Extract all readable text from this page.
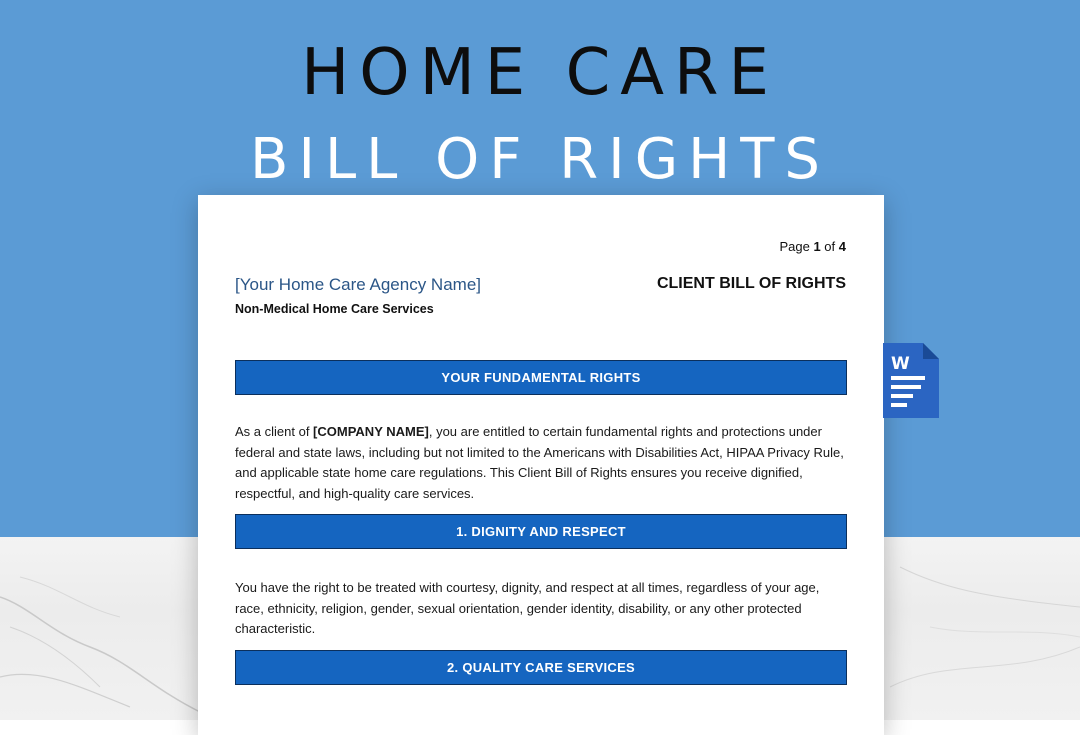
HOME CARE
BILL OF RIGHTS
Page 1 of 4
[Your Home Care Agency Name]
Non-Medical Home Care Services
CLIENT BILL OF RIGHTS
YOUR FUNDAMENTAL RIGHTS
As a client of [COMPANY NAME], you are entitled to certain fundamental rights and protections under federal and state laws, including but not limited to the Americans with Disabilities Act, HIPAA Privacy Rule, and applicable state home care regulations. This Client Bill of Rights ensures you receive dignified, respectful, and high-quality care services.
1. DIGNITY AND RESPECT
You have the right to be treated with courtesy, dignity, and respect at all times, regardless of your age, race, ethnicity, religion, gender, sexual orientation, gender identity, disability, or any other protected characteristic.
2. QUALITY CARE SERVICES
W
